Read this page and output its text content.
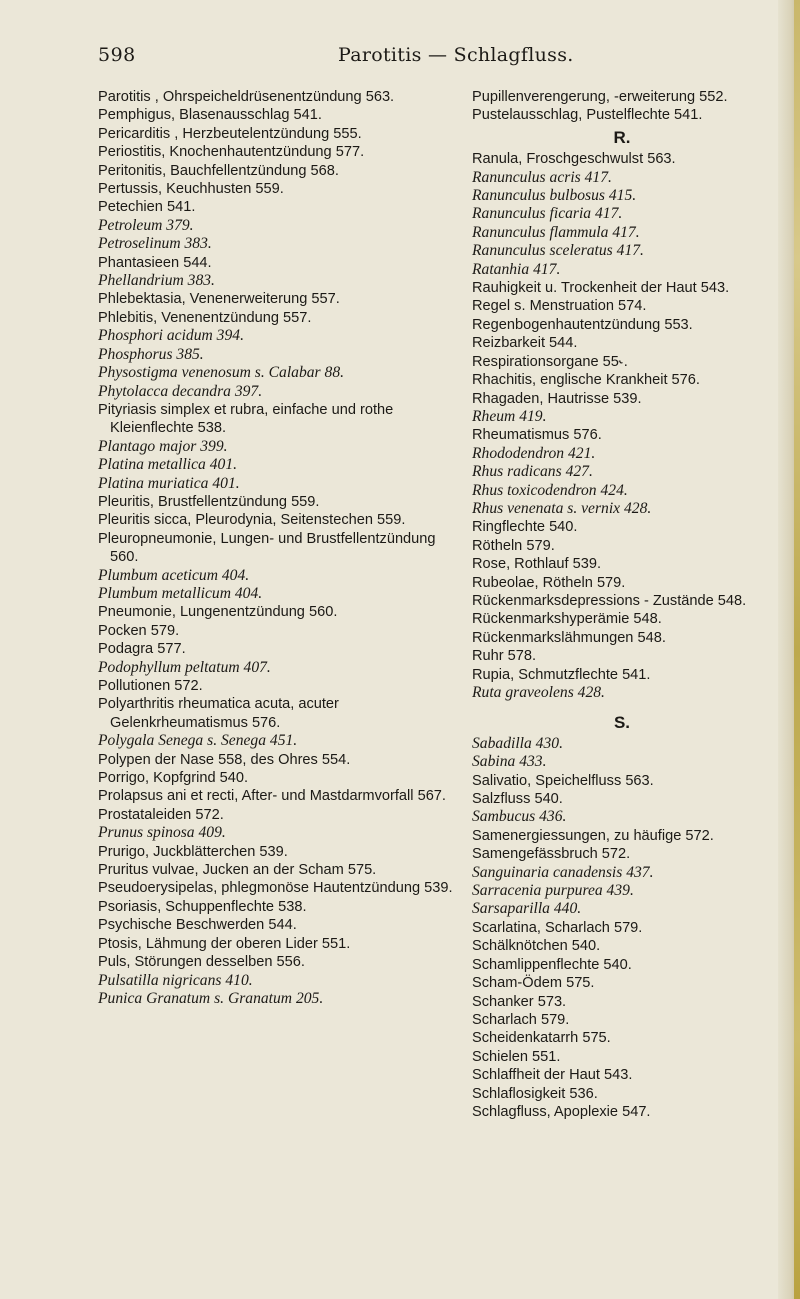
598	Parotitis — Schlagfluss.

Parotitis , Ohrspeicheldrüsenentzündung 563.

Pemphigus, Blasenausschlag 541.

Pericarditis , Herzbeutelentzündung 555.

Periostitis, Knochenhautentzündung 577.

Peritonitis, Bauchfellentzündung 568.

Pertussis, Keuchhusten 559.

Petechien 541.

Petroleum 379.

Petroselinum 383.

Phantasieen 544.

Phellandrium 383.

Phlebektasia, Venenerweiterung 557.

Phlebitis, Venenentzündung 557.

Phosphori acidum 394.

Phosphorus 385.

Physostigma venenosum s. Calabar 88.

Phytolacca decandra 397.

Pityriasis simplex et rubra, einfache und rothe Kleienflechte 538.

Plantago major 399.

Platina metallica 401.

Platina muriatica 401.

Pleuritis, Brustfellentzündung 559.

Pleuritis sicca, Pleurodynia, Seitenstechen 559.

Pleuropneumonie, Lungen- und Brustfellentzündung 560.

Plumbum aceticum 404.

Plumbum metallicum 404.

Pneumonie, Lungenentzündung 560.

Pocken 579.

Podagra 577.

Podophyllum peltatum 407.

Pollutionen 572.

Polyarthritis rheumatica acuta, acuter Gelenkrheumatismus 576.

Polygala Senega s. Senega 451.

Polypen der Nase 558, des Ohres 554.

Porrigo, Kopfgrind 540.

Prolapsus ani et recti, After- und Mastdarmvorfall 567.

Prostataleiden 572.

Prunus spinosa 409.

Prurigo, Juckblätterchen 539.

Pruritus vulvae, Jucken an der Scham 575.

Pseudoerysipelas, phlegmonöse Hautentzündung 539.

Psoriasis, Schuppenflechte 538.

Psychische Beschwerden 544.

Ptosis, Lähmung der oberen Lider 551.

Puls, Störungen desselben 556.

Pulsatilla nigricans 410.

Punica Granatum s. Granatum 205.

Pupillenverengerung, -erweiterung 552.

Pustelausschlag, Pustelflechte 541.

R.

Ranula, Froschgeschwulst 563.

Ranunculus acris 417.

Ranunculus bulbosus 415.

Ranunculus ficaria 417.

Ranunculus flammula 417.

Ranunculus sceleratus 417.

Ratanhia 417.

Rauhigkeit u. Trockenheit der Haut 543.

Regel s. Menstruation 574.

Regenbogenhautentzündung 553.

Reizbarkeit 544.

Respirationsorgane 55˞.

Rhachitis, englische Krankheit 576.

Rhagaden, Hautrisse 539.

Rheum 419.

Rheumatismus 576.

Rhododendron 421.

Rhus radicans 427.

Rhus toxicodendron 424.

Rhus venenata s. vernix 428.

Ringflechte 540.

Rötheln 579.

Rose, Rothlauf 539.

Rubeolae, Rötheln 579.

Rückenmarksdepressions - Zustände 548.

Rückenmarkshyperämie 548.

Rückenmarkslähmungen 548.

Ruhr 578.

Rupia, Schmutzflechte 541.

Ruta graveolens 428.

S.

Sabadilla 430.

Sabina 433.

Salivatio, Speichelfluss 563.

Salzfluss 540.

Sambucus 436.

Samenergiessungen, zu häufige 572.

Samengefässbruch 572.

Sanguinaria canadensis 437.

Sarracenia purpurea 439.

Sarsaparilla 440.

Scarlatina, Scharlach 579.

Schälknötchen 540.

Schamlippenflechte 540.

Scham-Ödem 575.

Schanker 573.

Scharlach 579.

Scheidenkatarrh 575.

Schielen 551.

Schlaffheit der Haut 543.

Schlaflosigkeit 536.

Schlagfluss, Apoplexie 547.
